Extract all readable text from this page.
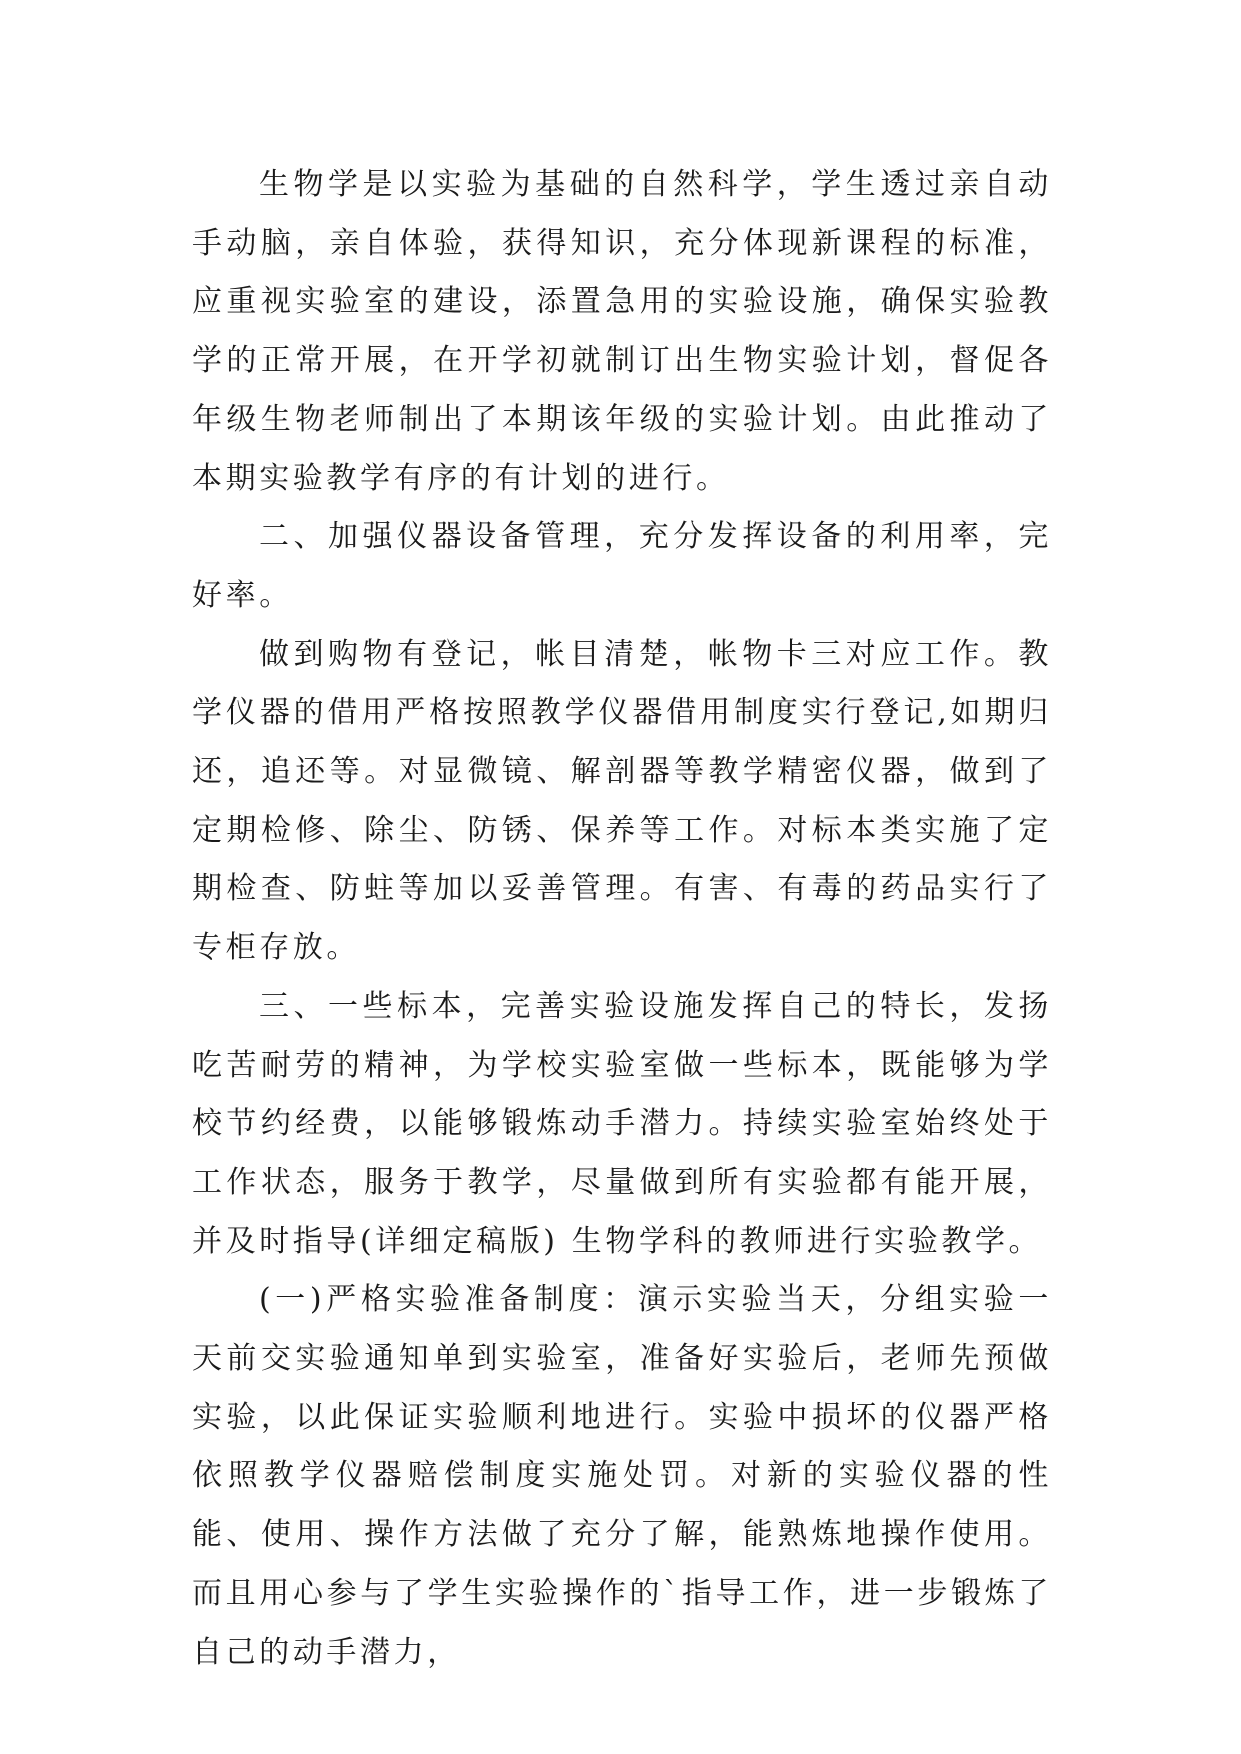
生物学是以实验为基础的自然科学，学生透过亲自动手动脑，亲自体验，获得知识，充分体现新课程的标准，应重视实验室的建设，添置急用的实验设施，确保实验教学的正常开展，在开学初就制订出生物实验计划，督促各年级生物老师制出了本期该年级的实验计划。由此推动了本期实验教学有序的有计划的进行。

二、加强仪器设备管理，充分发挥设备的利用率，完好率。

做到购物有登记，帐目清楚，帐物卡三对应工作。教学仪器的借用严格按照教学仪器借用制度实行登记,如期归还，追还等。对显微镜、解剖器等教学精密仪器，做到了定期检修、除尘、防锈、保养等工作。对标本类实施了定期检查、防蛀等加以妥善管理。有害、有毒的药品实行了专柜存放。

三、一些标本，完善实验设施发挥自己的特长，发扬吃苦耐劳的精神，为学校实验室做一些标本，既能够为学校节约经费，以能够锻炼动手潜力。持续实验室始终处于工作状态，服务于教学，尽量做到所有实验都有能开展，并及时指导(详细定稿版) 生物学科的教师进行实验教学。

(一)严格实验准备制度：演示实验当天，分组实验一天前交实验通知单到实验室，准备好实验后，老师先预做实验，以此保证实验顺利地进行。实验中损坏的仪器严格依照教学仪器赔偿制度实施处罚。对新的实验仪器的性能、使用、操作方法做了充分了解，能熟炼地操作使用。而且用心参与了学生实验操作的`指导工作，进一步锻炼了自己的动手潜力，
